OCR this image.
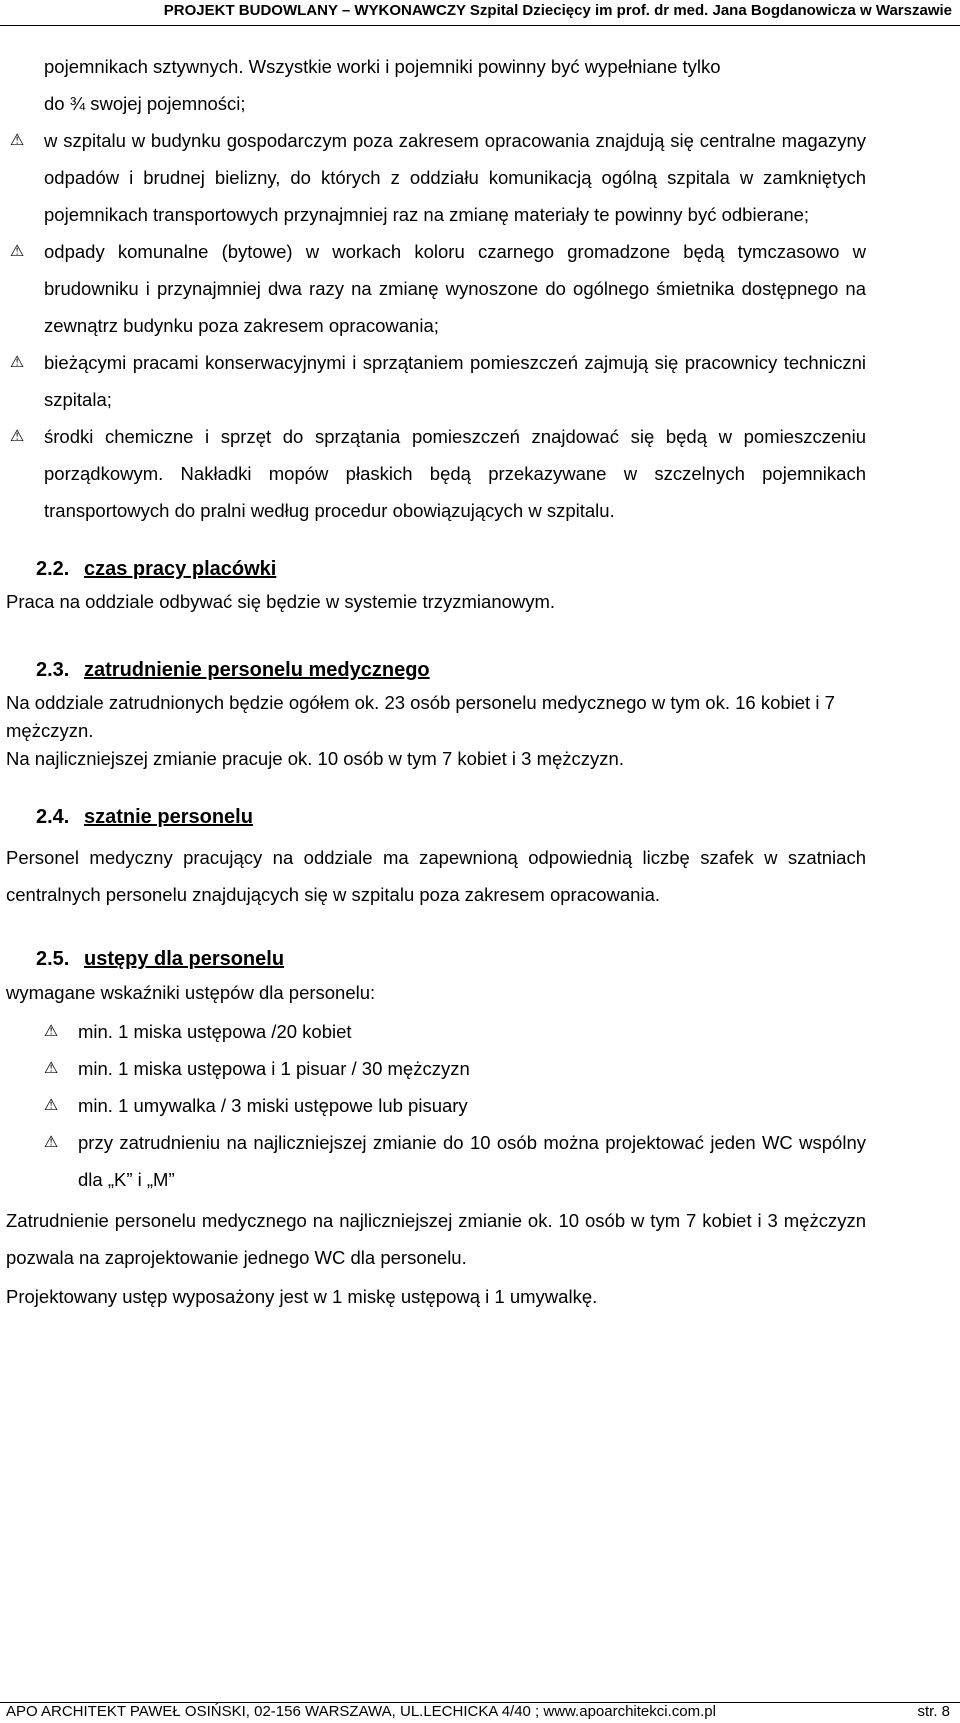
PROJEKT BUDOWLANY – WYKONAWCZY Szpital Dziecięcy im prof. dr med. Jana Bogdanowicza w Warszawie
pojemnikach sztywnych. Wszystkie worki i pojemniki powinny być wypełniane tylko
do ¾ swojej pojemności;
⚠ w szpitalu w budynku gospodarczym poza zakresem opracowania znajdują się centralne magazyny odpadów i brudnej bielizny, do których z oddziału komunikacją ogólną szpitala w zamkniętych pojemnikach transportowych przynajmniej raz na zmianę materiały te powinny być odbierane;
⚠ odpady komunalne (bytowe) w workach koloru czarnego gromadzone będą tymczasowo w brudowniku i przynajmniej dwa razy na zmianę wynoszone do ogólnego śmietnika dostępnego na zewnątrz budynku poza zakresem opracowania;
⚠ bieżącymi pracami konserwacyjnymi i sprzątaniem pomieszczeń zajmują się pracownicy techniczni szpitala;
⚠ środki chemiczne i sprzęt do sprzątania pomieszczeń znajdować się będą w pomieszczeniu porządkowym. Nakładki mopów płaskich będą przekazywane w szczelnych pojemnikach transportowych do pralni według procedur obowiązujących w szpitalu.
2.2. czas pracy placówki

Praca na oddziale odbywać się będzie w systemie trzyzmianowym.

2.3. zatrudnienie personelu medycznego

Na oddziale zatrudnionych będzie ogółem ok. 23 osób personelu medycznego w tym ok. 16 kobiet i 7 mężczyzn.

Na najliczniejszej zmianie pracuje ok. 10 osób w tym 7 kobiet i 3 mężczyzn.

2.4. szatnie personelu

Personel medyczny pracujący na oddziale ma zapewnioną odpowiednią liczbę szafek w szatniach centralnych personelu znajdujących się w szpitalu poza zakresem opracowania.

2.5. ustępy dla personelu

wymagane wskaźniki ustępów dla personelu:

⚠ min. 1 miska ustępowa /20 kobiet
⚠ min. 1 miska ustępowa i 1 pisuar / 30 mężczyzn
⚠ min. 1 umywalka / 3 miski ustępowe lub pisuary
⚠ przy zatrudnieniu na najliczniejszej zmianie do 10 osób można projektować jeden WC wspólny dla „K” i „M”

Zatrudnienie personelu medycznego na najliczniejszej zmianie ok. 10 osób w tym 7 kobiet i 3 mężczyzn pozwala na zaprojektowanie jednego WC dla personelu.

Projektowany ustęp wyposażony jest w 1 miskę ustępową i 1 umywalkę.

APO ARCHITEKT PAWEŁ OSIŃSKI, 02-156 WARSZAWA, UL.LECHICKA 4/40 ; www.apoarchitekci.com.pl	str. 8
